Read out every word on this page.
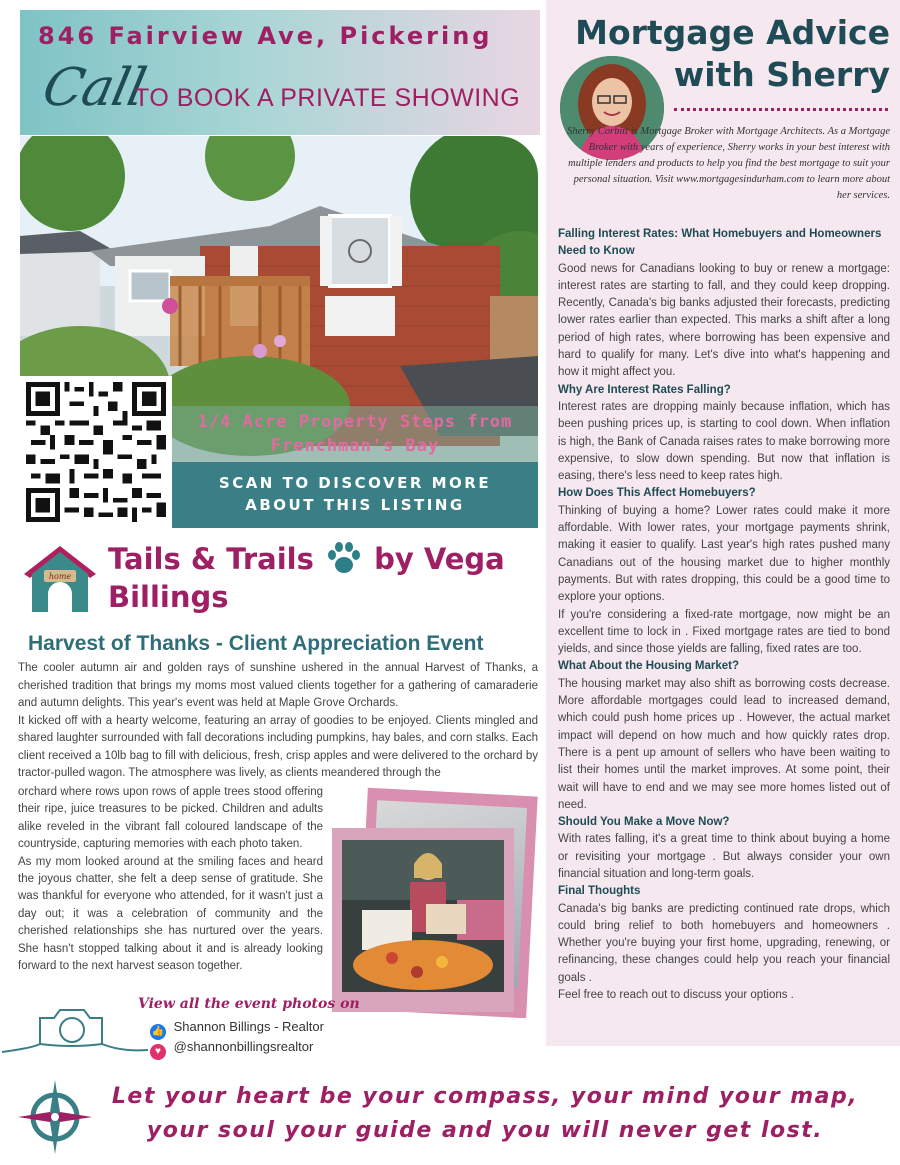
846 Fairview Ave, Pickering
Call
TO BOOK A PRIVATE SHOWING
1/4 Acre Property Steps from
Frenchman's Bay
SCAN TO DISCOVER MORE
ABOUT THIS LISTING
home
Tails & Trails by Vega Billings
Harvest of Thanks - Client Appreciation Event

The cooler autumn air and golden rays of sunshine ushered in the annual Harvest of Thanks, a cherished tradition that brings my moms most valued clients together for a gathering of camaraderie and autumn delights. This year's event was held at Maple Grove Orchards.

It kicked off with a hearty welcome, featuring an array of goodies to be enjoyed. Clients mingled and shared laughter surrounded with fall decorations including pumpkins, hay bales, and corn stalks. Each client received a 10lb bag to fill with delicious, fresh, crisp apples and were delivered to the orchard by tractor-pulled wagon. The atmosphere was lively, as clients meandered through the

orchard where rows upon rows of apple trees stood offering their ripe, juice treasures to be picked. Children and adults alike reveled in the vibrant fall coloured landscape of the countryside, capturing memories with each photo taken.

As my mom looked around at the smiling faces and heard the joyous chatter, she felt a deep sense of gratitude. She was thankful for everyone who attended, for it wasn't just a day out; it was a celebration of community and the cherished relationships she has nurtured over the years. She hasn't stopped talking about it and is already looking forward to the next harvest season together.

View all the event photos on
👍 Shannon Billings - Realtor
♥ @shannonbillingsrealtor
Mortgage Advice
with Sherry
Sherry Corbitt is Mortgage Broker with Mortgage Architects. As a Mortgage Broker with years of experience, Sherry works in your best interest with multiple lenders and products to help you find the best mortgage to suit your personal situation. Visit www.mortgagesindurham.com to learn more about her services.
Falling Interest Rates: What Homebuyers and Homeowners Need to Know

Good news for Canadians looking to buy or renew a mortgage: interest rates are starting to fall, and they could keep dropping. Recently, Canada's big banks adjusted their forecasts, predicting lower rates earlier than expected. This marks a shift after a long period of high rates, where borrowing has been expensive and hard to qualify for many. Let's dive into what's happening and how it might affect you.

Why Are Interest Rates Falling?

Interest rates are dropping mainly because inflation, which has been pushing prices up, is starting to cool down. When inflation is high, the Bank of Canada raises rates to make borrowing more expensive, to slow down spending. But now that inflation is easing, there's less need to keep rates high.

How Does This Affect Homebuyers?

Thinking of buying a home? Lower rates could make it more affordable. With lower rates, your mortgage payments shrink, making it easier to qualify. Last year's high rates pushed many Canadians out of the housing market due to higher monthly payments. But with rates dropping, this could be a good time to explore your options.

If you're considering a fixed-rate mortgage, now might be an excellent time to lock in . Fixed mortgage rates are tied to bond yields, and since those yields are falling, fixed rates are too.

What About the Housing Market?

The housing market may also shift as borrowing costs decrease. More affordable mortgages could lead to increased demand, which could push home prices up . However, the actual market impact will depend on how much and how quickly rates drop. There is a pent up amount of sellers who have been waiting to list their homes until the market improves. At some point, their wait will have to end and we may see more homes listed out of need.

Should You Make a Move Now?

With rates falling, it's a great time to think about buying a home or revisiting your mortgage . But always consider your own financial situation and long-term goals.

Final Thoughts

Canada's big banks are predicting continued rate drops, which could bring relief to both homebuyers and homeowners . Whether you're buying your first home, upgrading, renewing, or refinancing, these changes could help you reach your financial goals .

Feel free to reach out to discuss your options .

Let your heart be your compass, your mind your map,
your soul your guide and you will never get lost.
